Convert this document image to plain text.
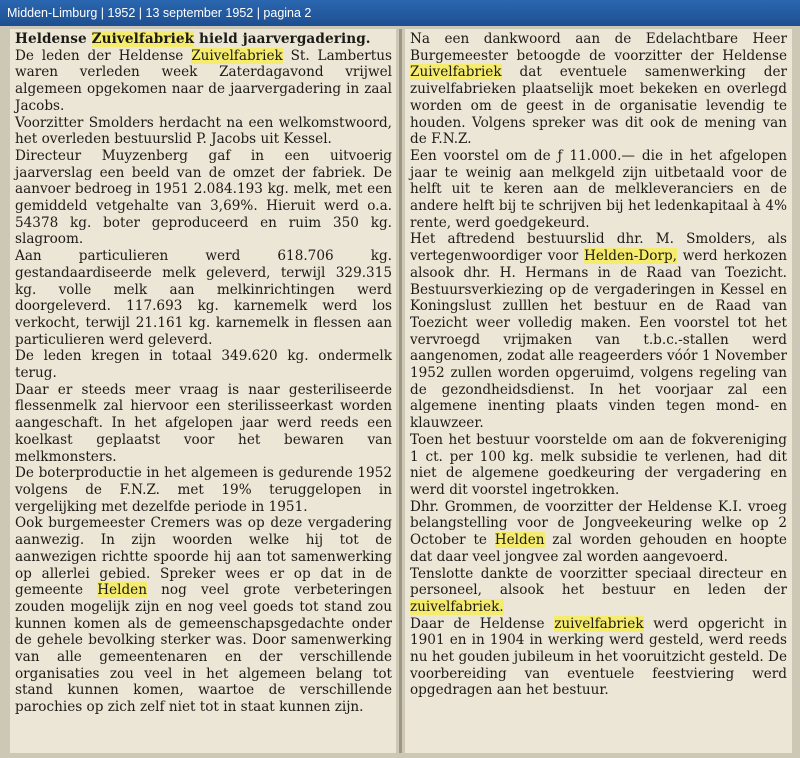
Midden-Limburg | 1952 | 13 september 1952 | pagina 2
Heldense Zuivelfabriek hield jaarvergadering.

De leden der Heldense Zuivelfabriek St. Lambertus waren verleden week Zaterdagavond vrijwel algemeen opgekomen naar de jaarvergadering in zaal Jacobs.

Voorzitter Smolders herdacht na een welkomstwoord, het overleden bestuurslid P. Jacobs uit Kessel.

Directeur Muyzenberg gaf in een uitvoerig jaarverslag een beeld van de omzet der fabriek. De aanvoer bedroeg in 1951 2.084.193 kg. melk, met een gemiddeld vetgehalte van 3,69%. Hieruit werd o.a. 54378 kg. boter geproduceerd en ruim 350 kg. slagroom.

Aan particulieren werd 618.706 kg. gestandaardiseerde melk geleverd, terwijl 329.315 kg. volle melk aan melkinrichtingen werd doorgeleverd. 117.693 kg. karnemelk werd los verkocht, terwijl 21.161 kg. karnemelk in flessen aan particulieren werd geleverd.

De leden kregen in totaal 349.620 kg. ondermelk terug.

Daar er steeds meer vraag is naar gesteriliseerde flessenmelk zal hiervoor een sterilisseerkast worden aangeschaft. In het afgelopen jaar werd reeds een koelkast geplaatst voor het bewaren van melkmonsters.

De boterproductie in het algemeen is gedurende 1952 volgens de F.N.Z. met 19% teruggelopen in vergelijking met dezelfde periode in 1951.

Ook burgemeester Cremers was op deze vergadering aanwezig. In zijn woorden welke hij tot de aanwezigen richtte spoorde hij aan tot samenwerking op allerlei gebied. Spreker wees er op dat in de gemeente Helden nog veel grote verbeteringen zouden mogelijk zijn en nog veel goeds tot stand zou kunnen komen als de gemeenschapsgedachte onder de gehele bevolking sterker was. Door samenwerking van alle gemeentenaren en der verschillende organisaties zou veel in het algemeen belang tot stand kunnen komen, waartoe de verschillende parochies op zich zelf niet tot in staat kunnen zijn.

Na een dankwoord aan de Edelachtbare Heer Burgemeester betoogde de voorzitter der Heldense Zuivelfabriek dat eventuele samenwerking der zuivelfabrieken plaatselijk moet bekeken en overlegd worden om de geest in de organisatie levendig te houden. Volgens spreker was dit ook de mening van de F.N.Z.

Een voorstel om de ƒ 11.000.— die in het afgelopen jaar te weinig aan melkgeld zijn uitbetaald voor de helft uit te keren aan de melkleveranciers en de andere helft bij te schrijven bij het ledenkapitaal à 4% rente, werd goedgekeurd.

Het aftredend bestuurslid dhr. M. Smolders, als vertegenwoordiger voor Helden-Dorp, werd herkozen alsook dhr. H. Hermans in de Raad van Toezicht. Bestuursverkiezing op de vergaderingen in Kessel en Koningslust zulllen het bestuur en de Raad van Toezicht weer volledig maken. Een voorstel tot het vervroegd vrijmaken van t.b.c.-stallen werd aangenomen, zodat alle reageerders vóór 1 November 1952 zullen worden opgeruimd, volgens regeling van de gezondheidsdienst. In het voorjaar zal een algemene inenting plaats vinden tegen mond- en klauwzeer.

Toen het bestuur voorstelde om aan de fokvereniging 1 ct. per 100 kg. melk subsidie te verlenen, had dit niet de algemene goedkeuring der vergadering en werd dit voorstel ingetrokken.

Dhr. Grommen, de voorzitter der Heldense K.I. vroeg belangstelling voor de Jongveekeuring welke op 2 October te Helden zal worden gehouden en hoopte dat daar veel jongvee zal worden aangevoerd.

Tenslotte dankte de voorzitter speciaal directeur en personeel, alsook het bestuur en leden der zuivelfabriek.

Daar de Heldense zuivelfabriek werd opgericht in 1901 en in 1904 in werking werd gesteld, werd reeds nu het gouden jubileum in het vooruitzicht gesteld. De voorbereiding van eventuele feestviering werd opgedragen aan het bestuur.
